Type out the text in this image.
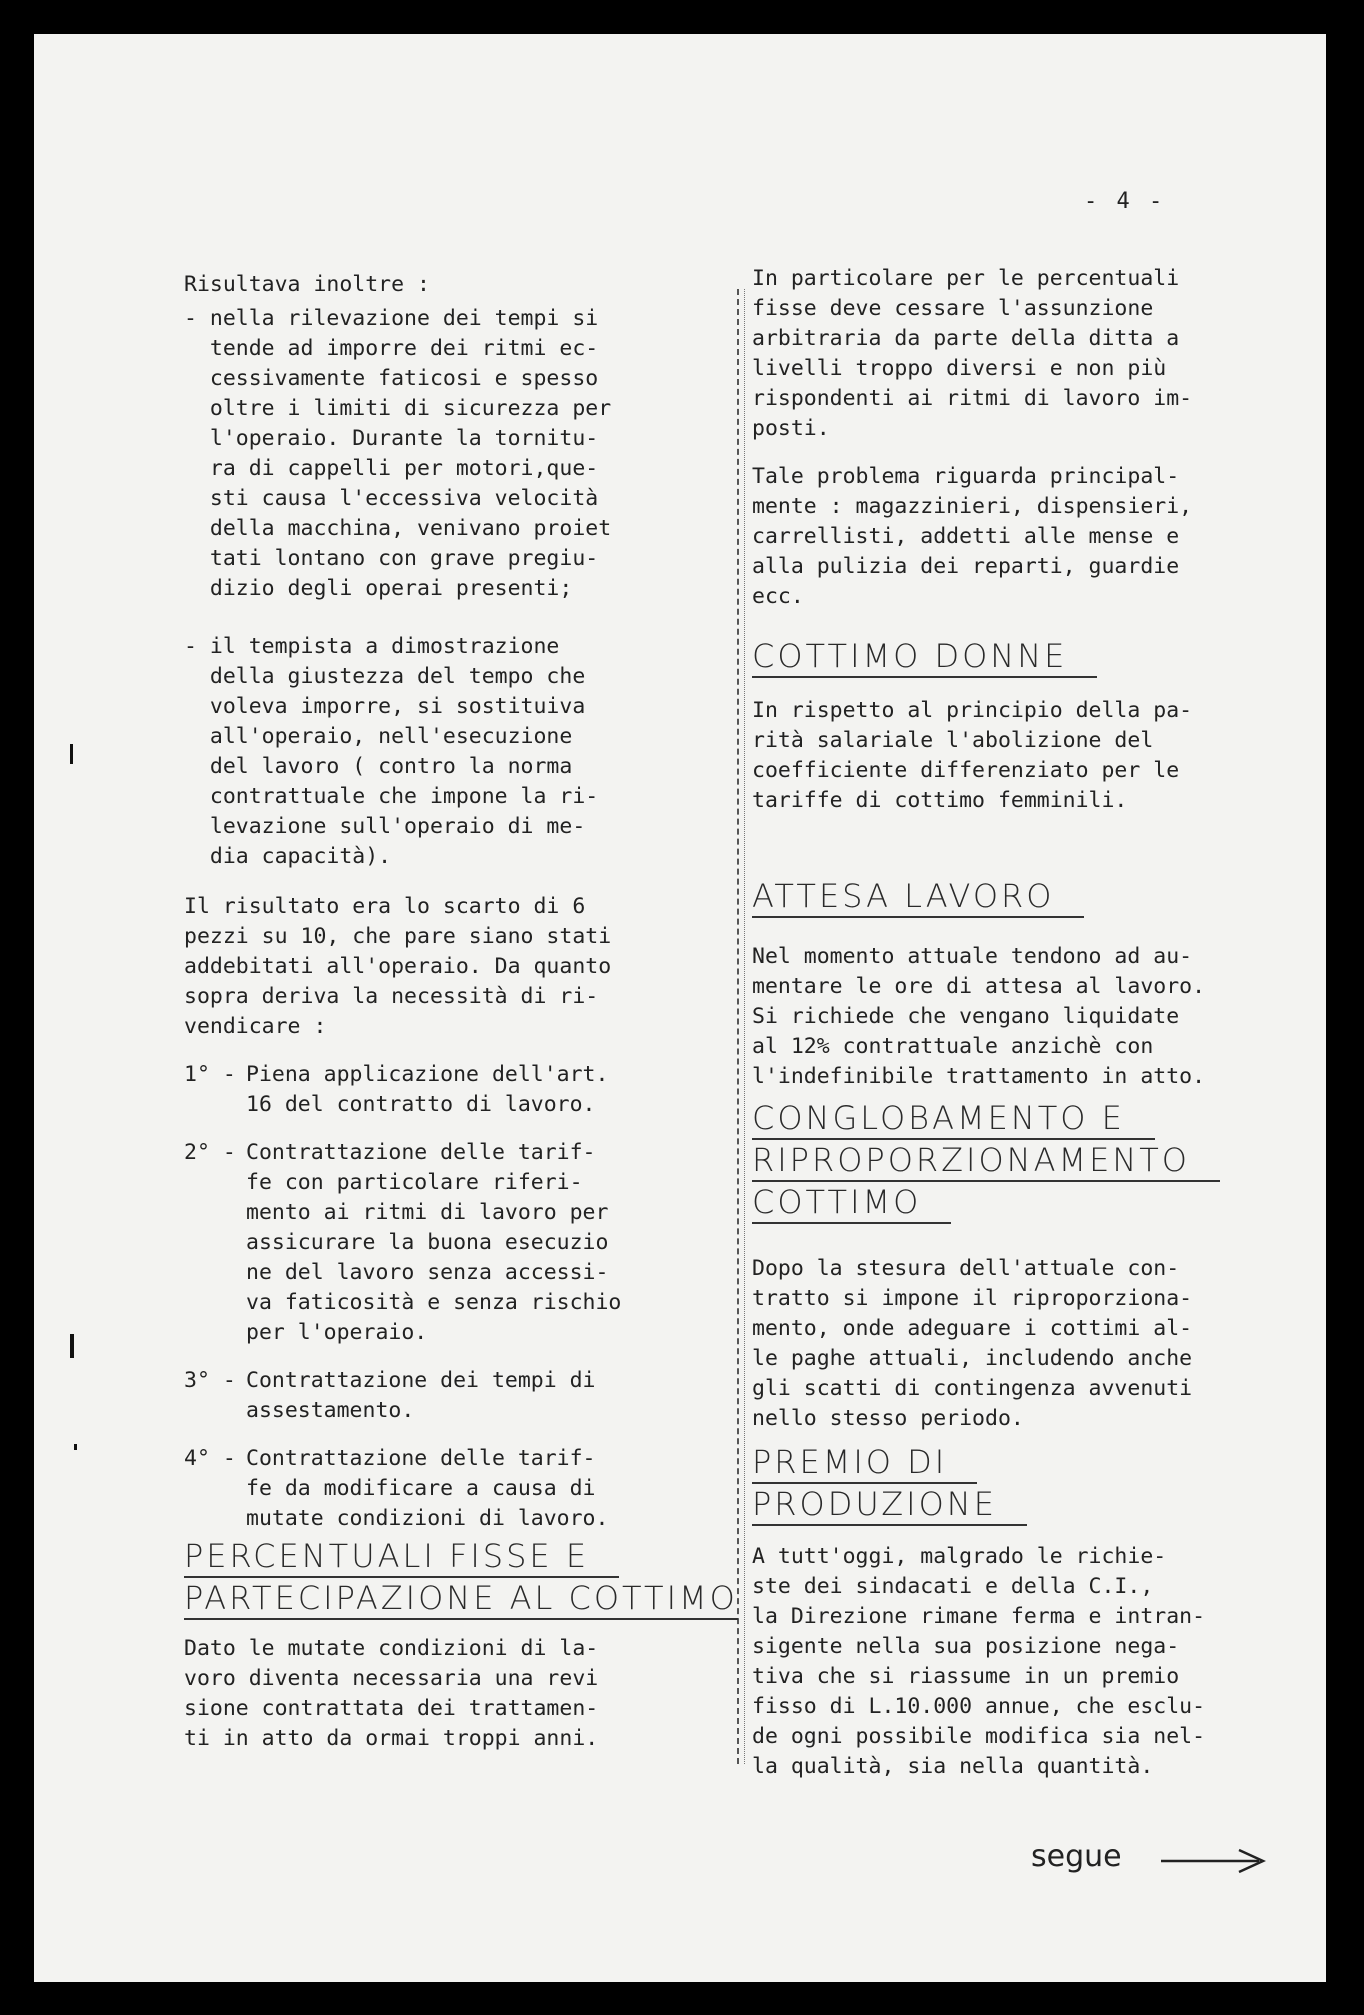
- 4 -

Risultava inoltre :

- nella rilevazione dei tempi si
tende ad imporre dei ritmi ec-
cessivamente faticosi e spesso
oltre i limiti di sicurezza per
l'operaio. Durante la tornitu-
ra di cappelli per motori,que-
sti causa l'eccessiva velocità
della macchina, venivano proiet
tati lontano con grave pregiu-
dizio degli operai presenti;

- il tempista a dimostrazione
della giustezza del tempo che
voleva imporre, si sostituiva
all'operaio, nell'esecuzione
del lavoro ( contro la norma
contrattuale che impone la ri-
levazione sull'operaio di me-
dia capacità).

Il risultato era lo scarto di 6
pezzi su 10, che pare siano stati
addebitati all'operaio. Da quanto
sopra deriva la necessità di ri-
vendicare :

1° - Piena applicazione dell'art.
16 del contratto di lavoro.
2° - Contrattazione delle tarif-
fe con particolare riferi-
mento ai ritmi di lavoro per
assicurare la buona esecuzio
ne del lavoro senza accessi-
va faticosità e senza rischio
per l'operaio.
3° - Contrattazione dei tempi di
assestamento.
4° - Contrattazione delle tarif-
fe da modificare a causa di
mutate condizioni di lavoro.

PERCENTUALI FISSE E

PARTECIPAZIONE AL COTTIMO

Dato le mutate condizioni di la-
voro diventa necessaria una revi
sione contrattata dei trattamen-
ti in atto da ormai troppi anni.

In particolare per le percentuali
fisse deve cessare l'assunzione
arbitraria da parte della ditta a
livelli troppo diversi e non più
rispondenti ai ritmi di lavoro im-
posti.

Tale problema riguarda principal-
mente : magazzinieri, dispensieri,
carrellisti, addetti alle mense e
alla pulizia dei reparti, guardie
ecc.

COTTIMO DONNE

In rispetto al principio della pa-
rità salariale l'abolizione del
coefficiente differenziato per le
tariffe di cottimo femminili.

ATTESA LAVORO

Nel momento attuale tendono ad au-
mentare le ore di attesa al lavoro.
Si richiede che vengano liquidate
al 12% contrattuale anzichè con
l'indefinibile trattamento in atto.

CONGLOBAMENTO E

RIPROPORZIONAMENTO

COTTIMO

Dopo la stesura dell'attuale con-
tratto si impone il riproporziona-
mento, onde adeguare i cottimi al-
le paghe attuali, includendo anche
gli scatti di contingenza avvenuti
nello stesso periodo.

PREMIO DI

PRODUZIONE

A tutt'oggi, malgrado le richie-
ste dei sindacati e della C.I.,
la Direzione rimane ferma e intran-
sigente nella sua posizione nega-
tiva che si riassume in un premio
fisso di L.10.000 annue, che esclu-
de ogni possibile modifica sia nel-
la qualità, sia nella quantità.

segue
